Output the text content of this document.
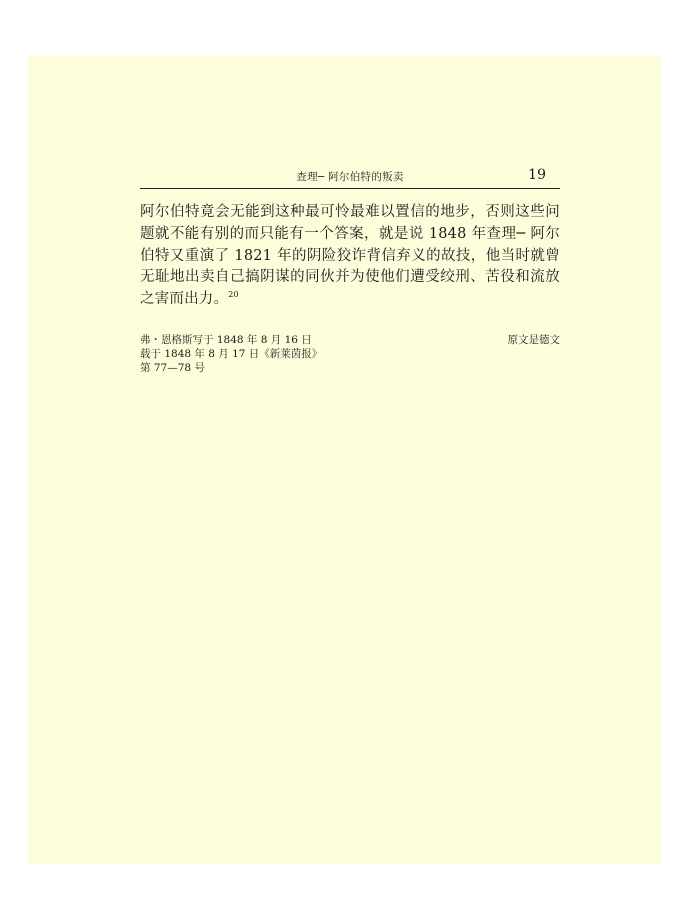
查理─ 阿尔伯特的叛卖	19
阿尔伯特竟会无能到这种最可怜最难以置信的地步，否则这些问题就不能有别的而只能有一个答案，就是说 1848 年查理─ 阿尔伯特又重演了 1821 年的阴险狡诈背信弃义的故技，他当时就曾无耻地出卖自己搞阴谋的同伙并为使他们遭受绞刑、苦役和流放之害而出力。$^{20}$
弗・恩格斯写于 1848 年 8 月 16 日
载于 1848 年 8 月 17 日《新莱茵报》
第 77—78 号
原文是德文
